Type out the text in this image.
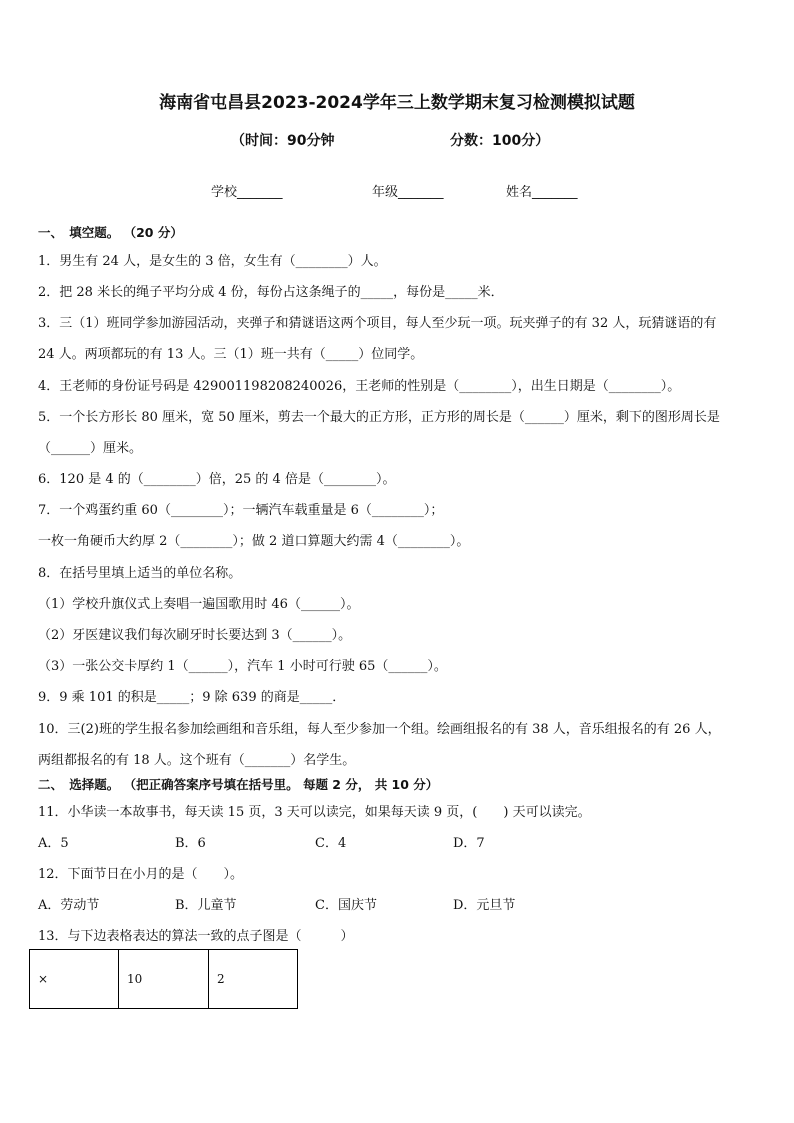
海南省屯昌县2023-2024学年三上数学期末复习检测模拟试题
（时间：90分钟	分数：100分）
学校_______	年级_______	姓名_______
一、　填空题。 （20 分）
1．男生有 24 人，是女生的 3 倍，女生有（________）人。
2．把 28 米长的绳子平均分成 4 份，每份占这条绳子的_____，每份是_____米．
3．三（1）班同学参加游园活动，夹弹子和猜谜语这两个项目，每人至少玩一项。玩夹弹子的有 32 人，玩猜谜语的有
24 人。两项都玩的有 13 人。三（1）班一共有（_____）位同学。
4．王老师的身份证号码是 429001198208240026，王老师的性别是（________），出生日期是（________）。
5．一个长方形长 80 厘米，宽 50 厘米，剪去一个最大的正方形，正方形的周长是（______）厘米，剩下的图形周长是
（______）厘米。
6．120 是 4 的（________）倍，25 的 4 倍是（________）。
7．一个鸡蛋约重 60（________）；一辆汽车载重量是 6（________）；
一枚一角硬币大约厚 2（________）；做 2 道口算题大约需 4（________）。
8．在括号里填上适当的单位名称。
（1）学校升旗仪式上奏唱一遍国歌用时 46（______）。
（2）牙医建议我们每次刷牙时长要达到 3（______）。
（3）一张公交卡厚约 1（______），汽车 1 小时可行驶 65（______）。
9．9 乘 101 的积是_____；9 除 639 的商是_____．
10．三(2)班的学生报名参加绘画组和音乐组，每人至少参加一个组。绘画组报名的有 38 人，音乐组报名的有 26 人，
两组都报名的有 18 人。这个班有（_______）名学生。
二、　选择题。 （把正确答案序号填在括号里。 每题 2 分， 共 10 分）
11．小华读一本故事书，每天读 15 页，3 天可以读完，如果每天读 9 页，(　　) 天可以读完。
A．5	B．6	C．4	D．7
12．下面节日在小月的是（　　）。
A．劳动节	B．儿童节	C．国庆节	D．元旦节
13．与下边表格表达的算法一致的点子图是（　　　）
×	10	2
